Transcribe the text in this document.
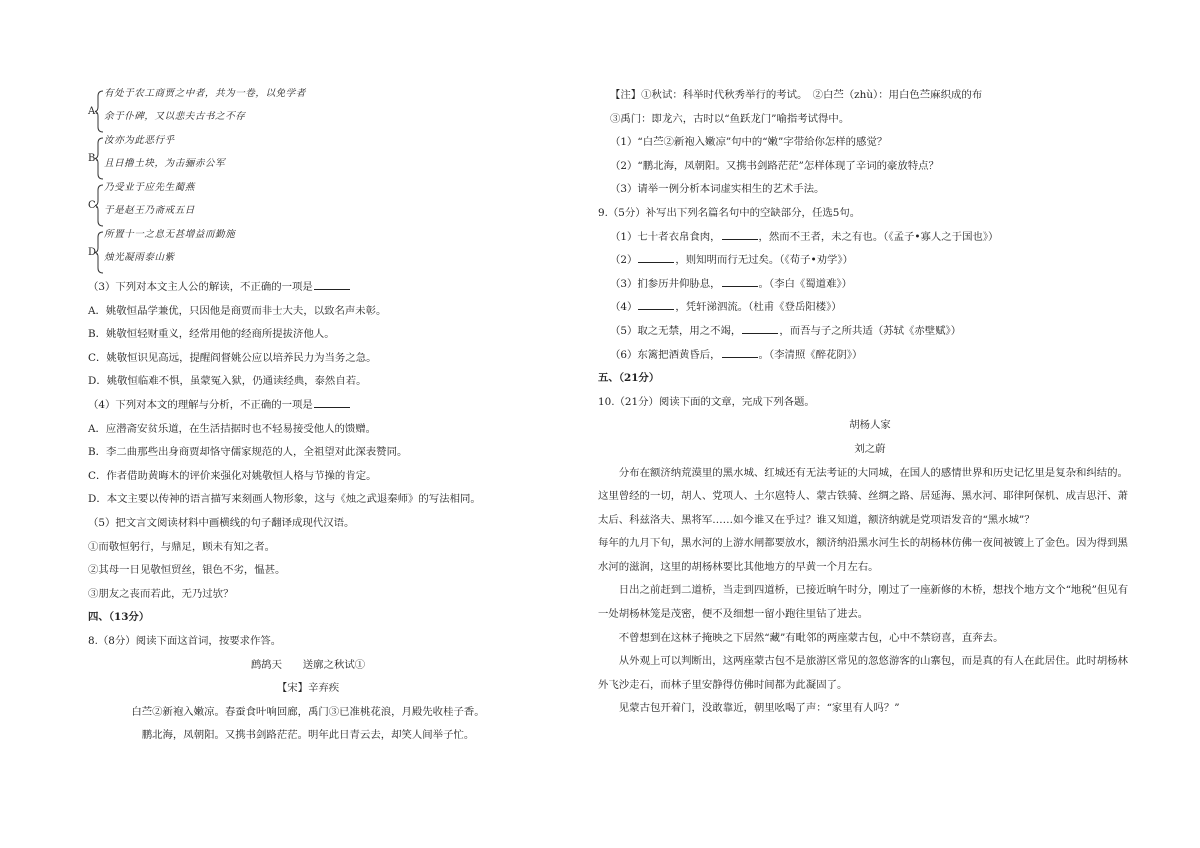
A.
有处于农工商贾之中者，共为一卷，以免学者
余于仆碑，又以悲夫古书之不存
B.
汝亦为此恶行乎
且日撸土块，为击骊赤公军
C.
乃受业于应先生蔺燕
于是赵王乃斋戒五日
D.
所置十一之息无甚增益而勤施
烛光凝雨泰山紫
（3）下列对本文主人公的解读，不正确的一项是
A．姚敬恒晶学兼优，只因他是商贾而非士大夫，以致名声未彰。
B．姚敬恒轻财重义，经常用他的经商所提拔济他人。
C．姚敬恒识见高远，提醒阎督姚公应以培养民力为当务之急。
D．姚敬恒临难不惧，虽蒙冤入狱，仍通读经典，泰然自若。
（4）下列对本文的理解与分析，不正确的一项是
A．应潜斋安贫乐道，在生活拮据时也不轻易接受他人的馈赠。
B．李二曲那些出身商贾却恪守儒家规范的人，全祖望对此深表赞同。
C．作者借助黄晦木的评价来强化对姚敬恒人格与节操的肯定。
D．本文主要以传神的语言描写来刻画人物形象，这与《烛之武退秦师》的写法相同。
（5）把文言文阅读材料中画横线的句子翻译成现代汉语。
①而敬恒躬行，与鼎足，顾未有知之者。
②其母一日见敬恒贸丝，银色不劣，愠甚。
③朋友之丧而若此，无乃过欤？
四、（13分）
8.（8分）阅读下面这首词，按要求作答。
鹧鸪天　　送廓之秋试①
【宋】辛弃疾
白苎②新袍入嫩凉。春蚕食叶响回廊，禹门③已准桃花浪，月殿先收桂子香。
鹏北海，凤朝阳。又携书剑路茫茫。明年此日青云去，却笑人间举子忙。
【注】①秋试：科举时代秋秀举行的考试。　②白苎（zhù）：用白色苎麻织成的布
③禹门：即龙六，古时以“鱼跃龙门”喻指考试得中。
（1）“白苎②新袍入嫩凉”句中的“嫩”字带给你怎样的感觉？
（2）“鹏北海，凤朝阳。又携书剑路茫茫”怎样体现了辛词的豪放特点？
（3）请举一例分析本词虚实相生的艺术手法。
9.（5分）补写出下列名篇名句中的空缺部分，任选5句。
（1）七十者衣帛食肉，	，然而不王者，未之有也。（《孟子•寡人之于国也》）
（2）	，则知明而行无过矣。（《荀子•劝学》）
（3）扪参历井仰胁息，	。（李白《蜀道难》）
（4）	，凭轩涕泗流。（杜甫《登岳阳楼》）
（5）取之无禁，用之不竭，	，而吾与子之所共适（苏轼《赤壁赋》）
（6）东篱把酒黄昏后，	。（李清照《醉花阴》）
五、（21分）
10.（21分）阅读下面的文章，完成下列各题。
胡杨人家
刘之蔚
分布在额济纳荒漠里的黑水城、红城还有无法考证的大同城，在国人的感情世界和历史记忆里是复杂和纠结的。这里曾经的一切，胡人、党项人、土尔扈特人、蒙古铁骑、丝绸之路、居延海、黑水河、耶律阿保机、成吉思汗、萧太后、科兹洛夫、黑将军……如今谁又在乎过？谁又知道，额济纳就是党项语发音的“黑水城”？
每年的九月下旬，黑水河的上游水闸都要放水，额济纳沿黑水河生长的胡杨林仿佛一夜间被镀上了金色。因为得到黑水河的滋润，这里的胡杨林要比其他地方的早黄一个月左右。
日出之前赶到二道桥，当走到四道桥，已接近晌午时分，刚过了一座新修的木桥，想找个地方文个“地税”但见有一处胡杨林笼是茂密，便不及细想一留小跑往里钻了进去。
不曾想到在这林子掩映之下居然“藏”有毗邻的两座蒙古包，心中不禁窃喜，直奔去。
从外观上可以判断出，这两座蒙古包不是旅游区常见的忽悠游客的山寨包，而是真的有人在此居住。此时胡杨林外飞沙走石，而林子里安静得仿佛时间都为此凝固了。
见蒙古包开着门，没敢靠近，朝里吆喝了声：“家里有人吗？”
